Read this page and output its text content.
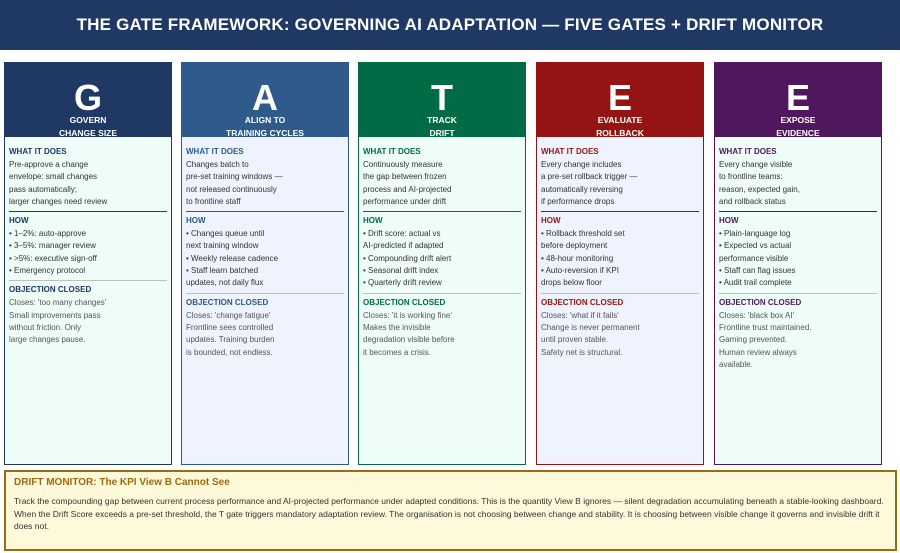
THE GATE FRAMEWORK: GOVERNING AI ADAPTATION — FIVE GATES + DRIFT MONITOR
G
GOVERN
CHANGE SIZE
WHAT IT DOES
Pre-approve a change
envelope: small changes
pass automatically;
larger changes need review
HOW
• 1–2%: auto-approve
• 3–5%: manager review
• >5%: executive sign-off
• Emergency protocol
OBJECTION CLOSED
Closes: 'too many changes'
Small improvements pass
without friction. Only
large changes pause.
A
ALIGN TO
TRAINING CYCLES
WHAT IT DOES
Changes batch to
pre-set training windows —
not released continuously
to frontline staff
HOW
• Changes queue until
next training window
• Weekly release cadence
• Staff learn batched
updates, not daily flux
OBJECTION CLOSED
Closes: 'change fatigue'
Frontline sees controlled
updates. Training burden
is bounded, not endless.
T
TRACK
DRIFT
WHAT IT DOES
Continuously measure
the gap between frozen
process and AI-projected
performance under drift
HOW
• Drift score: actual vs
AI-predicted if adapted
• Compounding drift alert
• Seasonal drift index
• Quarterly drift review
OBJECTION CLOSED
Closes: 'it is working fine'
Makes the invisible
degradation visible before
it becomes a crisis.
E
EVALUATE
ROLLBACK
WHAT IT DOES
Every change includes
a pre-set rollback trigger —
automatically reversing
if performance drops
HOW
• Rollback threshold set
before deployment
• 48-hour monitoring
• Auto-reversion if KPI
drops below floor
OBJECTION CLOSED
Closes: 'what if it fails'
Change is never permanent
until proven stable.
Safety net is structural.
E
EXPOSE
EVIDENCE
WHAT IT DOES
Every change visible
to frontline teams:
reason, expected gain,
and rollback status
HOW
• Plain-language log
• Expected vs actual
performance visible
• Staff can flag issues
• Audit trail complete
OBJECTION CLOSED
Closes: 'black box AI'
Frontline trust maintained.
Gaming prevented.
Human review always
available.
DRIFT MONITOR: The KPI View B Cannot See
Track the compounding gap between current process performance and AI-projected performance under adapted conditions. This is the quantity View B ignores — silent degradation accumulating beneath a stable-looking dashboard. When the Drift Score exceeds a pre-set threshold, the T gate triggers mandatory adaptation review. The organisation is not choosing between change and stability. It is choosing between visible change it governs and invisible drift it does not.
